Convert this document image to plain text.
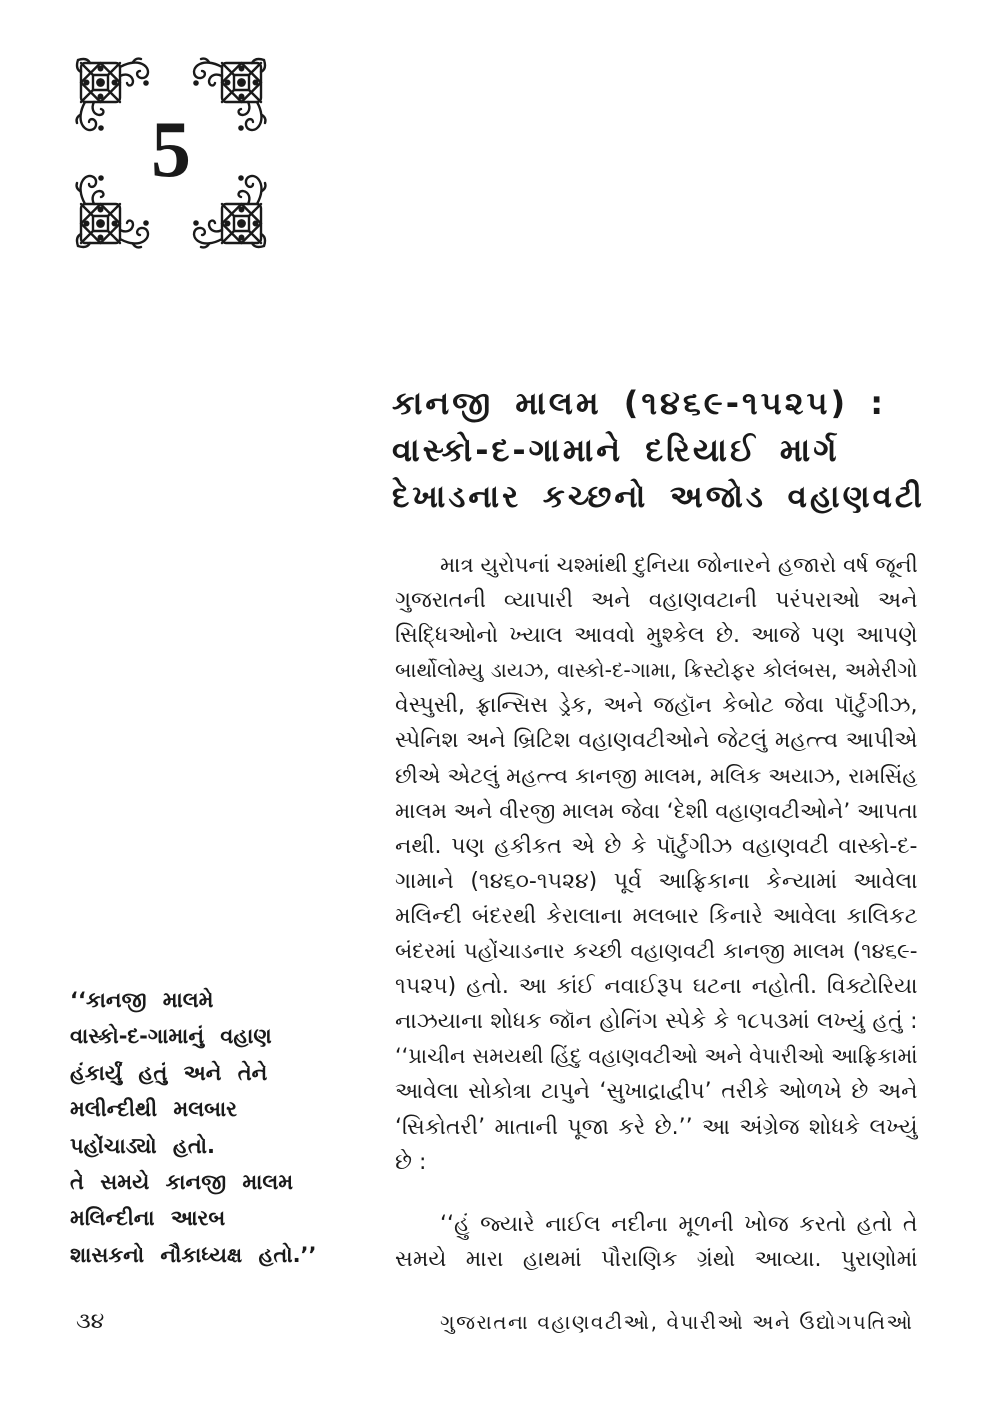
5
કાનજી માલમ (૧૪૬૯-૧૫૨૫) :
વાસ્કો-દ-ગામાને દરિયાઈ માર્ગ
દેખાડનાર કચ્છનો અજોડ વહાણવટી
માત્ર યુરોપનાં ચશ્માંથી દુનિયા જોનારને હજારો વર્ષ જૂની
ગુજરાતની વ્યાપારી અને વહાણવટાની પરંપરાઓ અને
સિદ્ધિઓનો ખ્યાલ આવવો મુશ્કેલ છે. આજે પણ આપણે
બાર્થોલોમ્યુ ડાયઝ, વાસ્કો-દ-ગામા, ક્રિસ્ટોફર કોલંબસ, અમેરીગો
વેસ્પુસી, ફ્રાન્સિસ ડ્રેક, અને જહૉન કેબોટ જેવા પૉર્ટુગીઝ,
સ્પેનિશ અને બ્રિટિશ વહાણવટીઓને જેટલું મહત્ત્વ આપીએ
છીએ એટલું મહત્ત્વ કાનજી માલમ, મલિક અયાઝ, રામસિંહ
માલમ અને વીરજી માલમ જેવા ‘દેશી વહાણવટીઓને’ આપતા
નથી. પણ હકીકત એ છે કે પૉર્ટુગીઝ વહાણવટી વાસ્કો-દ-
ગામાને (૧૪૬૦-૧૫૨૪) પૂર્વ આફ્રિકાના કેન્યામાં આવેલા
મલિન્દી બંદરથી કેરાલાના મલબાર કિનારે આવેલા કાલિકટ
બંદરમાં પહોંચાડનાર કચ્છી વહાણવટી કાનજી માલમ (૧૪૬૯-
૧૫૨૫) હતો. આ કાંઈ નવાઈરૂપ ઘટના નહોતી. વિક્ટોરિયા
નાઝયાના શોધક જૉન હોનિંગ સ્પેકે કે ૧૮૫૩માં લખ્યું હતું :
‘‘પ્રાચીન સમયથી હિંદુ વહાણવટીઓ અને વેપારીઓ આફ્રિકામાં
આવેલા સોકોત્રા ટાપુને ‘સુખાદ્રાદ્વીપ’ તરીકે ઓળખે છે અને
‘સિકોતરી’ માતાની પૂજા કરે છે.’’ આ અંગ્રેજ શોધકે લખ્યું
છે :
‘‘હું જ્યારે નાઈલ નદીના મૂળની ખોજ કરતો હતો તે
સમયે મારા હાથમાં પૌરાણિક ગ્રંથો આવ્યા. પુરાણોમાં
‘‘કાનજી માલમે
વાસ્કો-દ-ગામાનું વહાણ
હંકાર્યું હતું અને તેને
મલીન્દીથી મલબાર
પહોંચાડ્યો હતો.
તે સમયે કાનજી માલમ
મલિન્દીના આરબ
શાસકનો નૌકાધ્યક્ષ હતો.’’
૩૪	ગુજરાતના વહાણવટીઓ, વેપારીઓ અને ઉદ્યોગપતિઓ
